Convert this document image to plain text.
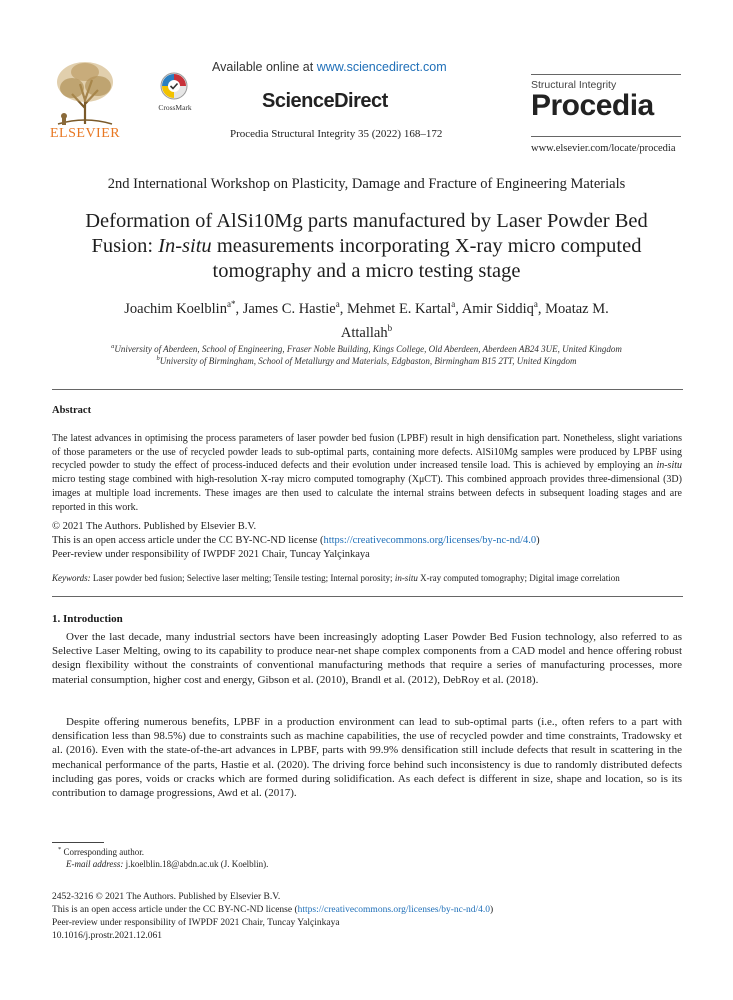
ELSEVIER
Available online at www.sciencedirect.com
CrossMark	ScienceDirect
Procedia Structural Integrity 35 (2022) 168–172
Structural Integrity
Procedia
www.elsevier.com/locate/procedia
2nd International Workshop on Plasticity, Damage and Fracture of Engineering Materials
Deformation of AlSi10Mg parts manufactured by Laser Powder Bed Fusion: In-situ measurements incorporating X-ray micro computed tomography and a micro testing stage
Joachim Koelblin$^{a*}$, James C. Hastie$^a$, Mehmet E. Kartal$^a$, Amir Siddiq$^a$, Moataz M. Attallah$^b$
$^a$University of Aberdeen, School of Engineering, Fraser Noble Building, Kings College, Old Aberdeen, Aberdeen AB24 3UE, United Kingdom
$^b$University of Birmingham, School of Metallurgy and Materials, Edgbaston, Birmingham B15 2TT, United Kingdom
Abstract
The latest advances in optimising the process parameters of laser powder bed fusion (LPBF) result in high densification part. Nonetheless, slight variations of those parameters or the use of recycled powder leads to sub-optimal parts, containing more defects. AlSi10Mg samples were produced by LPBF using recycled powder to study the effect of process-induced defects and their evolution under increased tensile load. This is achieved by employing an in-situ micro testing stage combined with high-resolution X-ray micro computed tomography (XμCT). This combined approach provides three-dimensional (3D) images at multiple load increments. These images are then used to calculate the internal strains between defects in subsequent loading stages and are reported in this work.
© 2021 The Authors. Published by Elsevier B.V.
This is an open access article under the CC BY-NC-ND license (https://creativecommons.org/licenses/by-nc-nd/4.0)
Peer-review under responsibility of IWPDF 2021 Chair, Tuncay Yalçinkaya
Keywords: Laser powder bed fusion; Selective laser melting; Tensile testing; Internal porosity; in-situ X-ray computed tomography; Digital image correlation
1. Introduction
Over the last decade, many industrial sectors have been increasingly adopting Laser Powder Bed Fusion technology, also referred to as Selective Laser Melting, owing to its capability to produce near-net shape complex components from a CAD model and hence offering robust design flexibility without the constraints of conventional manufacturing methods that require a series of manufacturing processes, more material consumption, higher cost and energy, Gibson et al. (2010), Brandl et al. (2012), DebRoy et al. (2018).
Despite offering numerous benefits, LPBF in a production environment can lead to sub-optimal parts (i.e., often refers to a part with densification less than 98.5%) due to constraints such as machine capabilities, the use of recycled powder and time constraints, Tradowsky et al. (2016). Even with the state-of-the-art advances in LPBF, parts with 99.9% densification still include defects that result in scattering in the mechanical performance of the parts, Hastie et al. (2020). The driving force behind such inconsistency is due to randomly distributed defects including gas pores, voids or cracks which are formed during solidification. As each defect is different in size, shape and location, so is its contribution to damage progressions, Awd et al. (2017).
* Corresponding author.
E-mail address: j.koelblin.18@abdn.ac.uk (J. Koelblin).
2452-3216 © 2021 The Authors. Published by Elsevier B.V.
This is an open access article under the CC BY-NC-ND license (https://creativecommons.org/licenses/by-nc-nd/4.0)
Peer-review under responsibility of IWPDF 2021 Chair, Tuncay Yalçinkaya
10.1016/j.prostr.2021.12.061
